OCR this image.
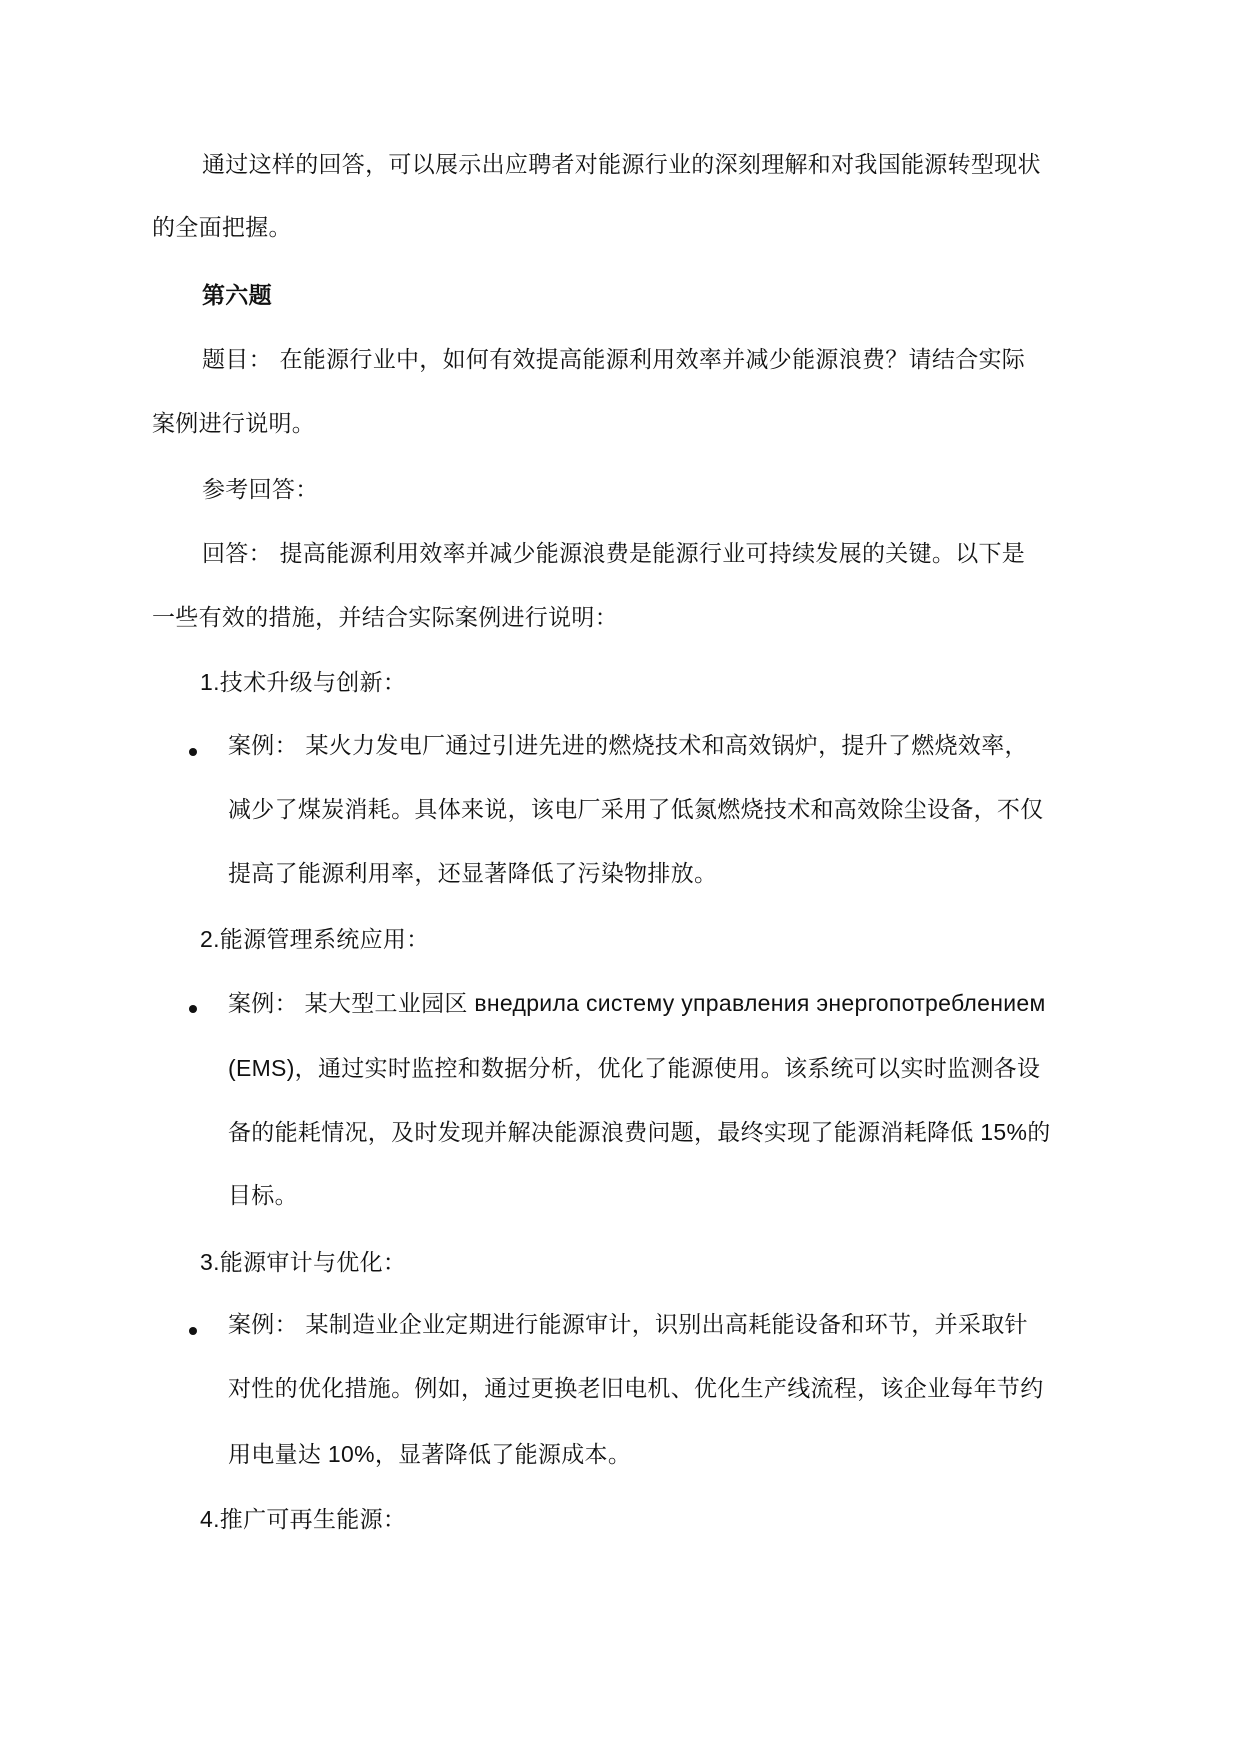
通过这样的回答，可以展示出应聘者对能源行业的深刻理解和对我国能源转型现状
的全面把握。
第六题
题目： 在能源行业中，如何有效提高能源利用效率并减少能源浪费？请结合实际
案例进行说明。
参考回答：
回答： 提高能源利用效率并减少能源浪费是能源行业可持续发展的关键。以下是
一些有效的措施，并结合实际案例进行说明：
1.技术升级与创新：
案例： 某火力发电厂通过引进先进的燃烧技术和高效锅炉，提升了燃烧效率，
减少了煤炭消耗。具体来说，该电厂采用了低氮燃烧技术和高效除尘设备，不仅
提高了能源利用率，还显著降低了污染物排放。
2.能源管理系统应用：
案例： 某大型工业园区 внедрила систему управления энергопотреблением
(EMS)，通过实时监控和数据分析，优化了能源使用。该系统可以实时监测各设
备的能耗情况，及时发现并解决能源浪费问题，最终实现了能源消耗降低 15%的
目标。
3.能源审计与优化：
案例： 某制造业企业定期进行能源审计，识别出高耗能设备和环节，并采取针
对性的优化措施。例如，通过更换老旧电机、优化生产线流程，该企业每年节约
用电量达 10%，显著降低了能源成本。
4.推广可再生能源：
